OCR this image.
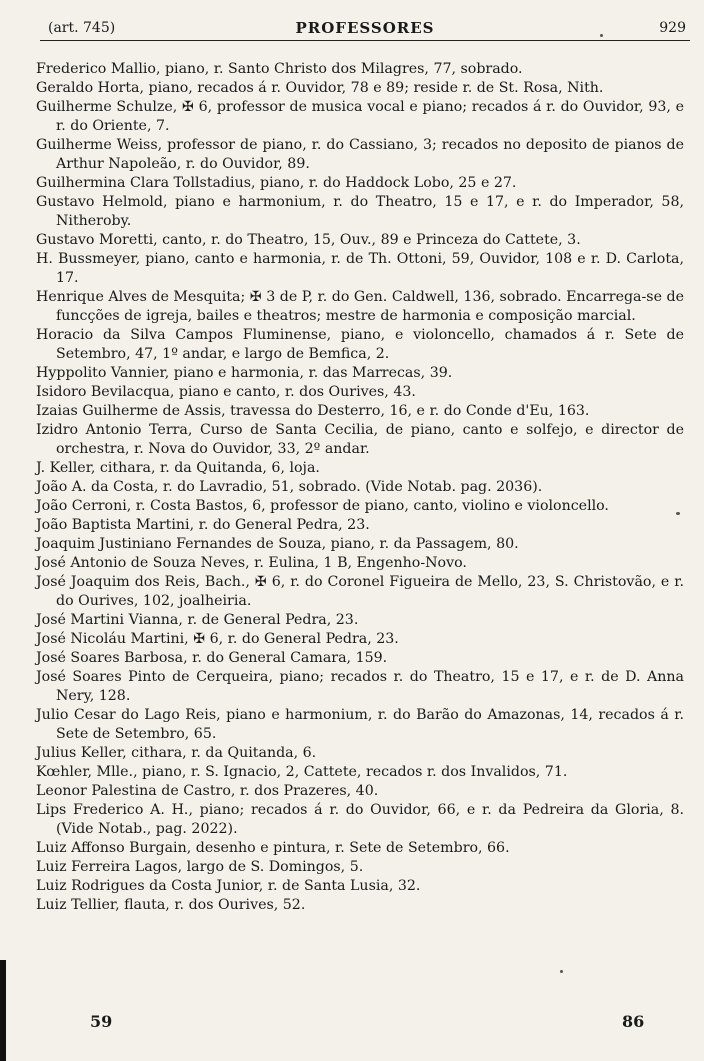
(art. 745)	PROFESSORES	929
Frederico Mallio, piano, r. Santo Christo dos Milagres, 77, sobrado.
Geraldo Horta, piano, recados á r. Ouvidor, 78 e 89; reside r. de St. Rosa, Nith.
Guilherme Schulze, ✠ 6, professor de musica vocal e piano; recados á r. do Ouvidor, 93, e r. do Oriente, 7.
Guilherme Weiss, professor de piano, r. do Cassiano, 3; recados no deposito de pianos de Arthur Napoleão, r. do Ouvidor, 89.
Guilhermina Clara Tollstadius, piano, r. do Haddock Lobo, 25 e 27.
Gustavo Helmold, piano e harmonium, r. do Theatro, 15 e 17, e r. do Imperador, 58, Nitheroby.
Gustavo Moretti, canto, r. do Theatro, 15, Ouv., 89 e Princeza do Cattete, 3.
H. Bussmeyer, piano, canto e harmonia, r. de Th. Ottoni, 59, Ouvidor, 108 e r. D. Carlota, 17.
Henrique Alves de Mesquita; ✠ 3 de P, r. do Gen. Caldwell, 136, sobrado. Encarrega-se de funcções de igreja, bailes e theatros; mestre de harmonia e composição marcial.
Horacio da Silva Campos Fluminense, piano, e violoncello, chamados á r. Sete de Setembro, 47, 1º andar, e largo de Bemfica, 2.
Hyppolito Vannier, piano e harmonia, r. das Marrecas, 39.
Isidoro Bevilacqua, piano e canto, r. dos Ourives, 43.
Izaias Guilherme de Assis, travessa do Desterro, 16, e r. do Conde d'Eu, 163.
Izidro Antonio Terra, Curso de Santa Cecilia, de piano, canto e solfejo, e director de orchestra, r. Nova do Ouvidor, 33, 2º andar.
J. Keller, cithara, r. da Quitanda, 6, loja.
João A. da Costa, r. do Lavradio, 51, sobrado. (Vide Notab. pag. 2036).
João Cerroni, r. Costa Bastos, 6, professor de piano, canto, violino e violoncello.
João Baptista Martini, r. do General Pedra, 23.
Joaquim Justiniano Fernandes de Souza, piano, r. da Passagem, 80.
José Antonio de Souza Neves, r. Eulina, 1 B, Engenho-Novo.
José Joaquim dos Reis, Bach., ✠ 6, r. do Coronel Figueira de Mello, 23, S. Christovão, e r. do Ourives, 102, joalheiria.
José Martini Vianna, r. de General Pedra, 23.
José Nicoláu Martini, ✠ 6, r. do General Pedra, 23.
José Soares Barbosa, r. do General Camara, 159.
José Soares Pinto de Cerqueira, piano; recados r. do Theatro, 15 e 17, e r. de D. Anna Nery, 128.
Julio Cesar do Lago Reis, piano e harmonium, r. do Barão do Amazonas, 14, recados á r. Sete de Setembro, 65.
Julius Keller, cithara, r. da Quitanda, 6.
Kœhler, Mlle., piano, r. S. Ignacio, 2, Cattete, recados r. dos Invalidos, 71.
Leonor Palestina de Castro, r. dos Prazeres, 40.
Lips Frederico A. H., piano; recados á r. do Ouvidor, 66, e r. da Pedreira da Gloria, 8. (Vide Notab., pag. 2022).
Luiz Affonso Burgain, desenho e pintura, r. Sete de Setembro, 66.
Luiz Ferreira Lagos, largo de S. Domingos, 5.
Luiz Rodrigues da Costa Junior, r. de Santa Lusia, 32.
Luiz Tellier, flauta, r. dos Ourives, 52.
59	86
